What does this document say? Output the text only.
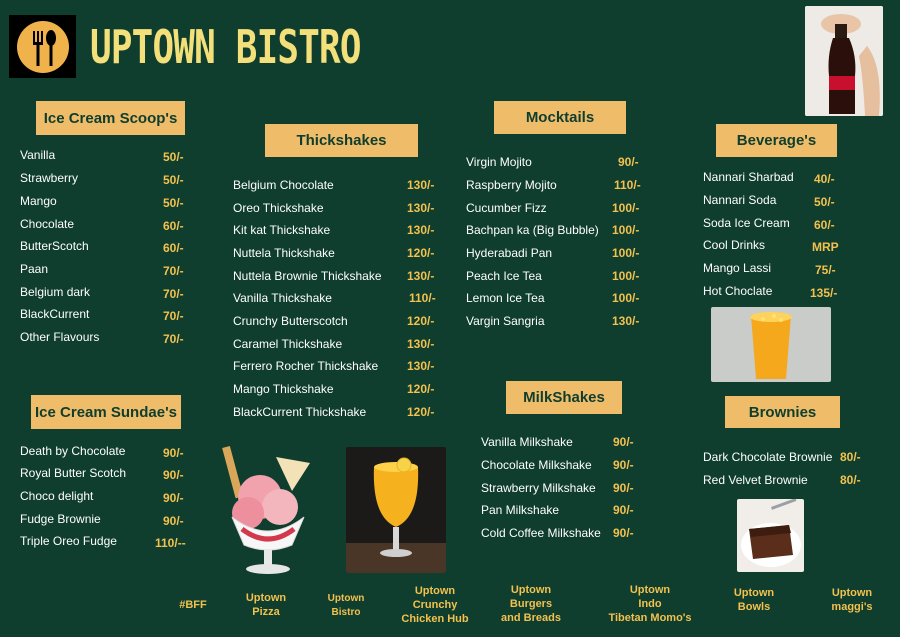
UPTOWN BISTRO
Ice Cream Scoop's
Vanilla	50/-
Strawberry	50/-
Mango	50/-
Chocolate	60/-
ButterScotch	60/-
Paan	70/-
Belgium dark	70/-
BlackCurrent	70/-
Other Flavours	70/-
Ice Cream Sundae's
Death by Chocolate	90/-
Royal Butter Scotch	90/-
Choco delight	90/-
Fudge Brownie	90/-
Triple Oreo Fudge	110/--
Thickshakes
Belgium Chocolate	130/-
Oreo Thickshake	130/-
Kit kat Thickshake	130/-
Nuttela Thickshake	120/-
Nuttela Brownie Thickshake 130/-
Vanilla Thickshake	110/-
Crunchy Butterscotch	120/-
Caramel Thickshake	130/-
Ferrero Rocher Thickshake 130/-
Mango Thickshake	120/-
BlackCurrent Thickshake	120/-
Mocktails
Virgin Mojito	90/-
Raspberry Mojito	110/-
Cucumber Fizz	100/-
Bachpan ka (Big Bubble) 100/-
Hyderabadi Pan	100/-
Peach Ice Tea	100/-
Lemon Ice Tea	100/-
Vargin Sangria	130/-
MilkShakes
Vanilla Milkshake	90/-
Chocolate Milkshake 90/-
Strawberry Milkshake 90/-
Pan Milkshake	90/-
Cold Coffee Milkshake 90/-
Beverage's
Nannari Sharbad 40/-
Nannari Soda	50/-
Soda Ice Cream 60/-
Cool Drinks	MRP
Mango Lassi	75/-
Hot Choclate	135/-
Brownies
Dark Chocolate Brownie 80/-
Red Velvet Brownie	80/-
#BFF
Uptown
Pizza
Uptown
Bistro
Uptown
Crunchy
Chicken Hub
Uptown
Burgers
and Breads
Uptown
Indo
Tibetan Momo's
Uptown
Bowls
Uptown
maggi's
